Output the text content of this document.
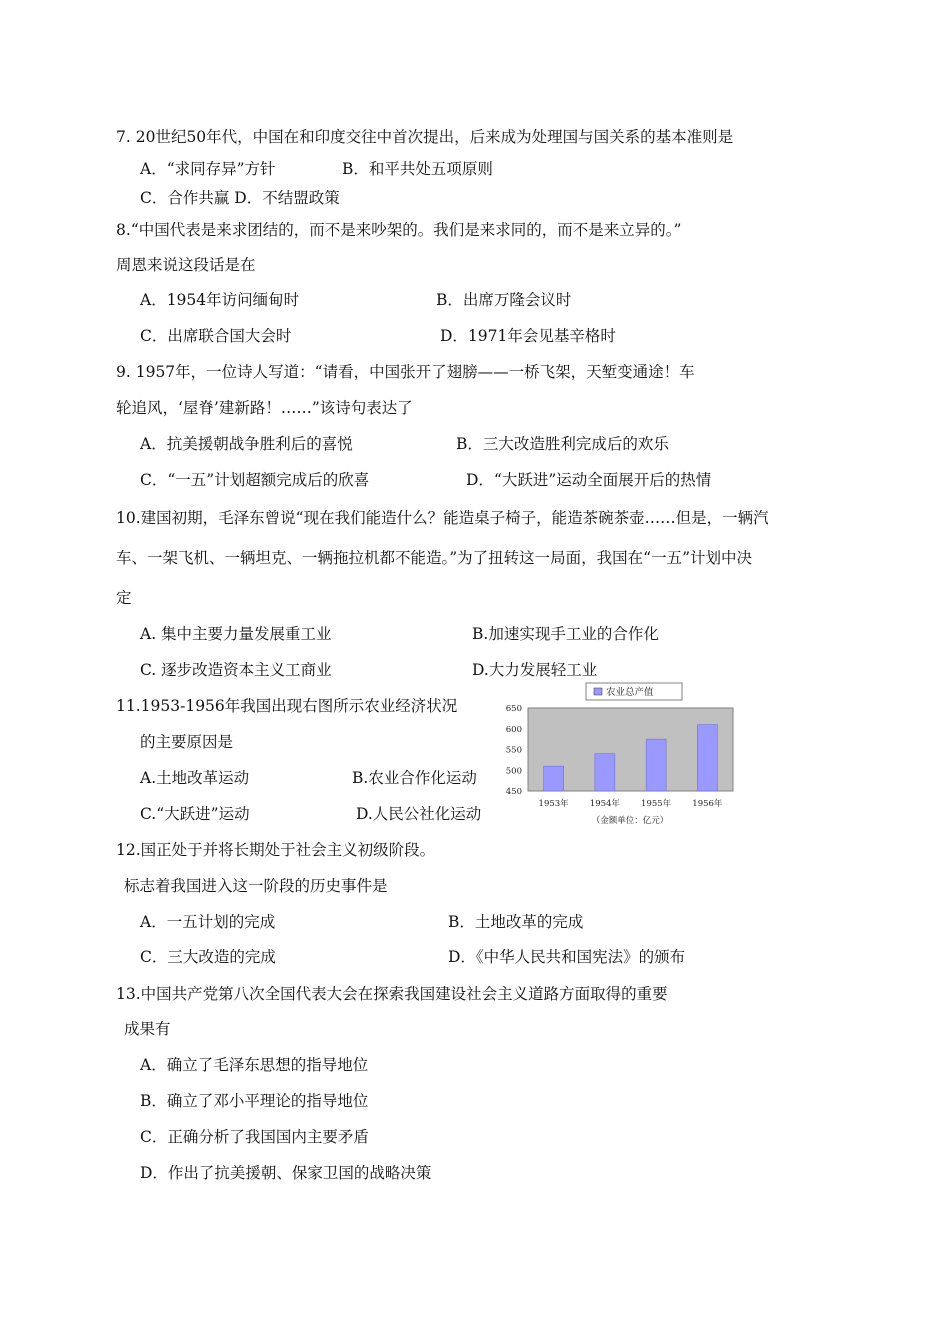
7. 20世纪50年代，中国在和印度交往中首次提出，后来成为处理国与国关系的基本准则是
A．“求同存异”方针	B．和平共处五项原则
C．合作共赢 D．不结盟政策
8.“中国代表是来求团结的，而不是来吵架的。我们是来求同的，而不是来立异的。”
周恩来说这段话是在
A．1954年访问缅甸时	B．出席万隆会议时
C．出席联合国大会时	D．1971年会见基辛格时
9. 1957年，一位诗人写道：“请看，中国张开了翅膀——一桥飞架，天堑变通途！车
轮追风，‘屋脊’建新路！……”该诗句表达了
A．抗美援朝战争胜利后的喜悦	B．三大改造胜利完成后的欢乐
C．“一五”计划超额完成后的欣喜	D．“大跃进”运动全面展开后的热情
10.建国初期，毛泽东曾说“现在我们能造什么？能造桌子椅子，能造茶碗茶壶……但是，一辆汽
车、一架飞机、一辆坦克、一辆拖拉机都不能造。”为了扭转这一局面，我国在“一五”计划中决
定
A. 集中主要力量发展重工业	B.加速实现手工业的合作化
C. 逐步改造资本主义工商业	D.大力发展轻工业
11.1953-1956年我国出现右图所示农业经济状况
的主要原因是
A.土地改革运动	B.农业合作化运动
C.“大跃进”运动	D.人民公社化运动
农业总产值
450
500
550
600
650
1953年 1954年 1955年 1956年
（金额单位：亿元）
12.国正处于并将长期处于社会主义初级阶段。
标志着我国进入这一阶段的历史事件是
A．一五计划的完成	B．土地改革的完成
C．三大改造的完成	D．《中华人民共和国宪法》的颁布
13.中国共产党第八次全国代表大会在探索我国建设社会主义道路方面取得的重要
成果有
A．确立了毛泽东思想的指导地位
B．确立了邓小平理论的指导地位
C．正确分析了我国国内主要矛盾
D．作出了抗美援朝、保家卫国的战略决策
